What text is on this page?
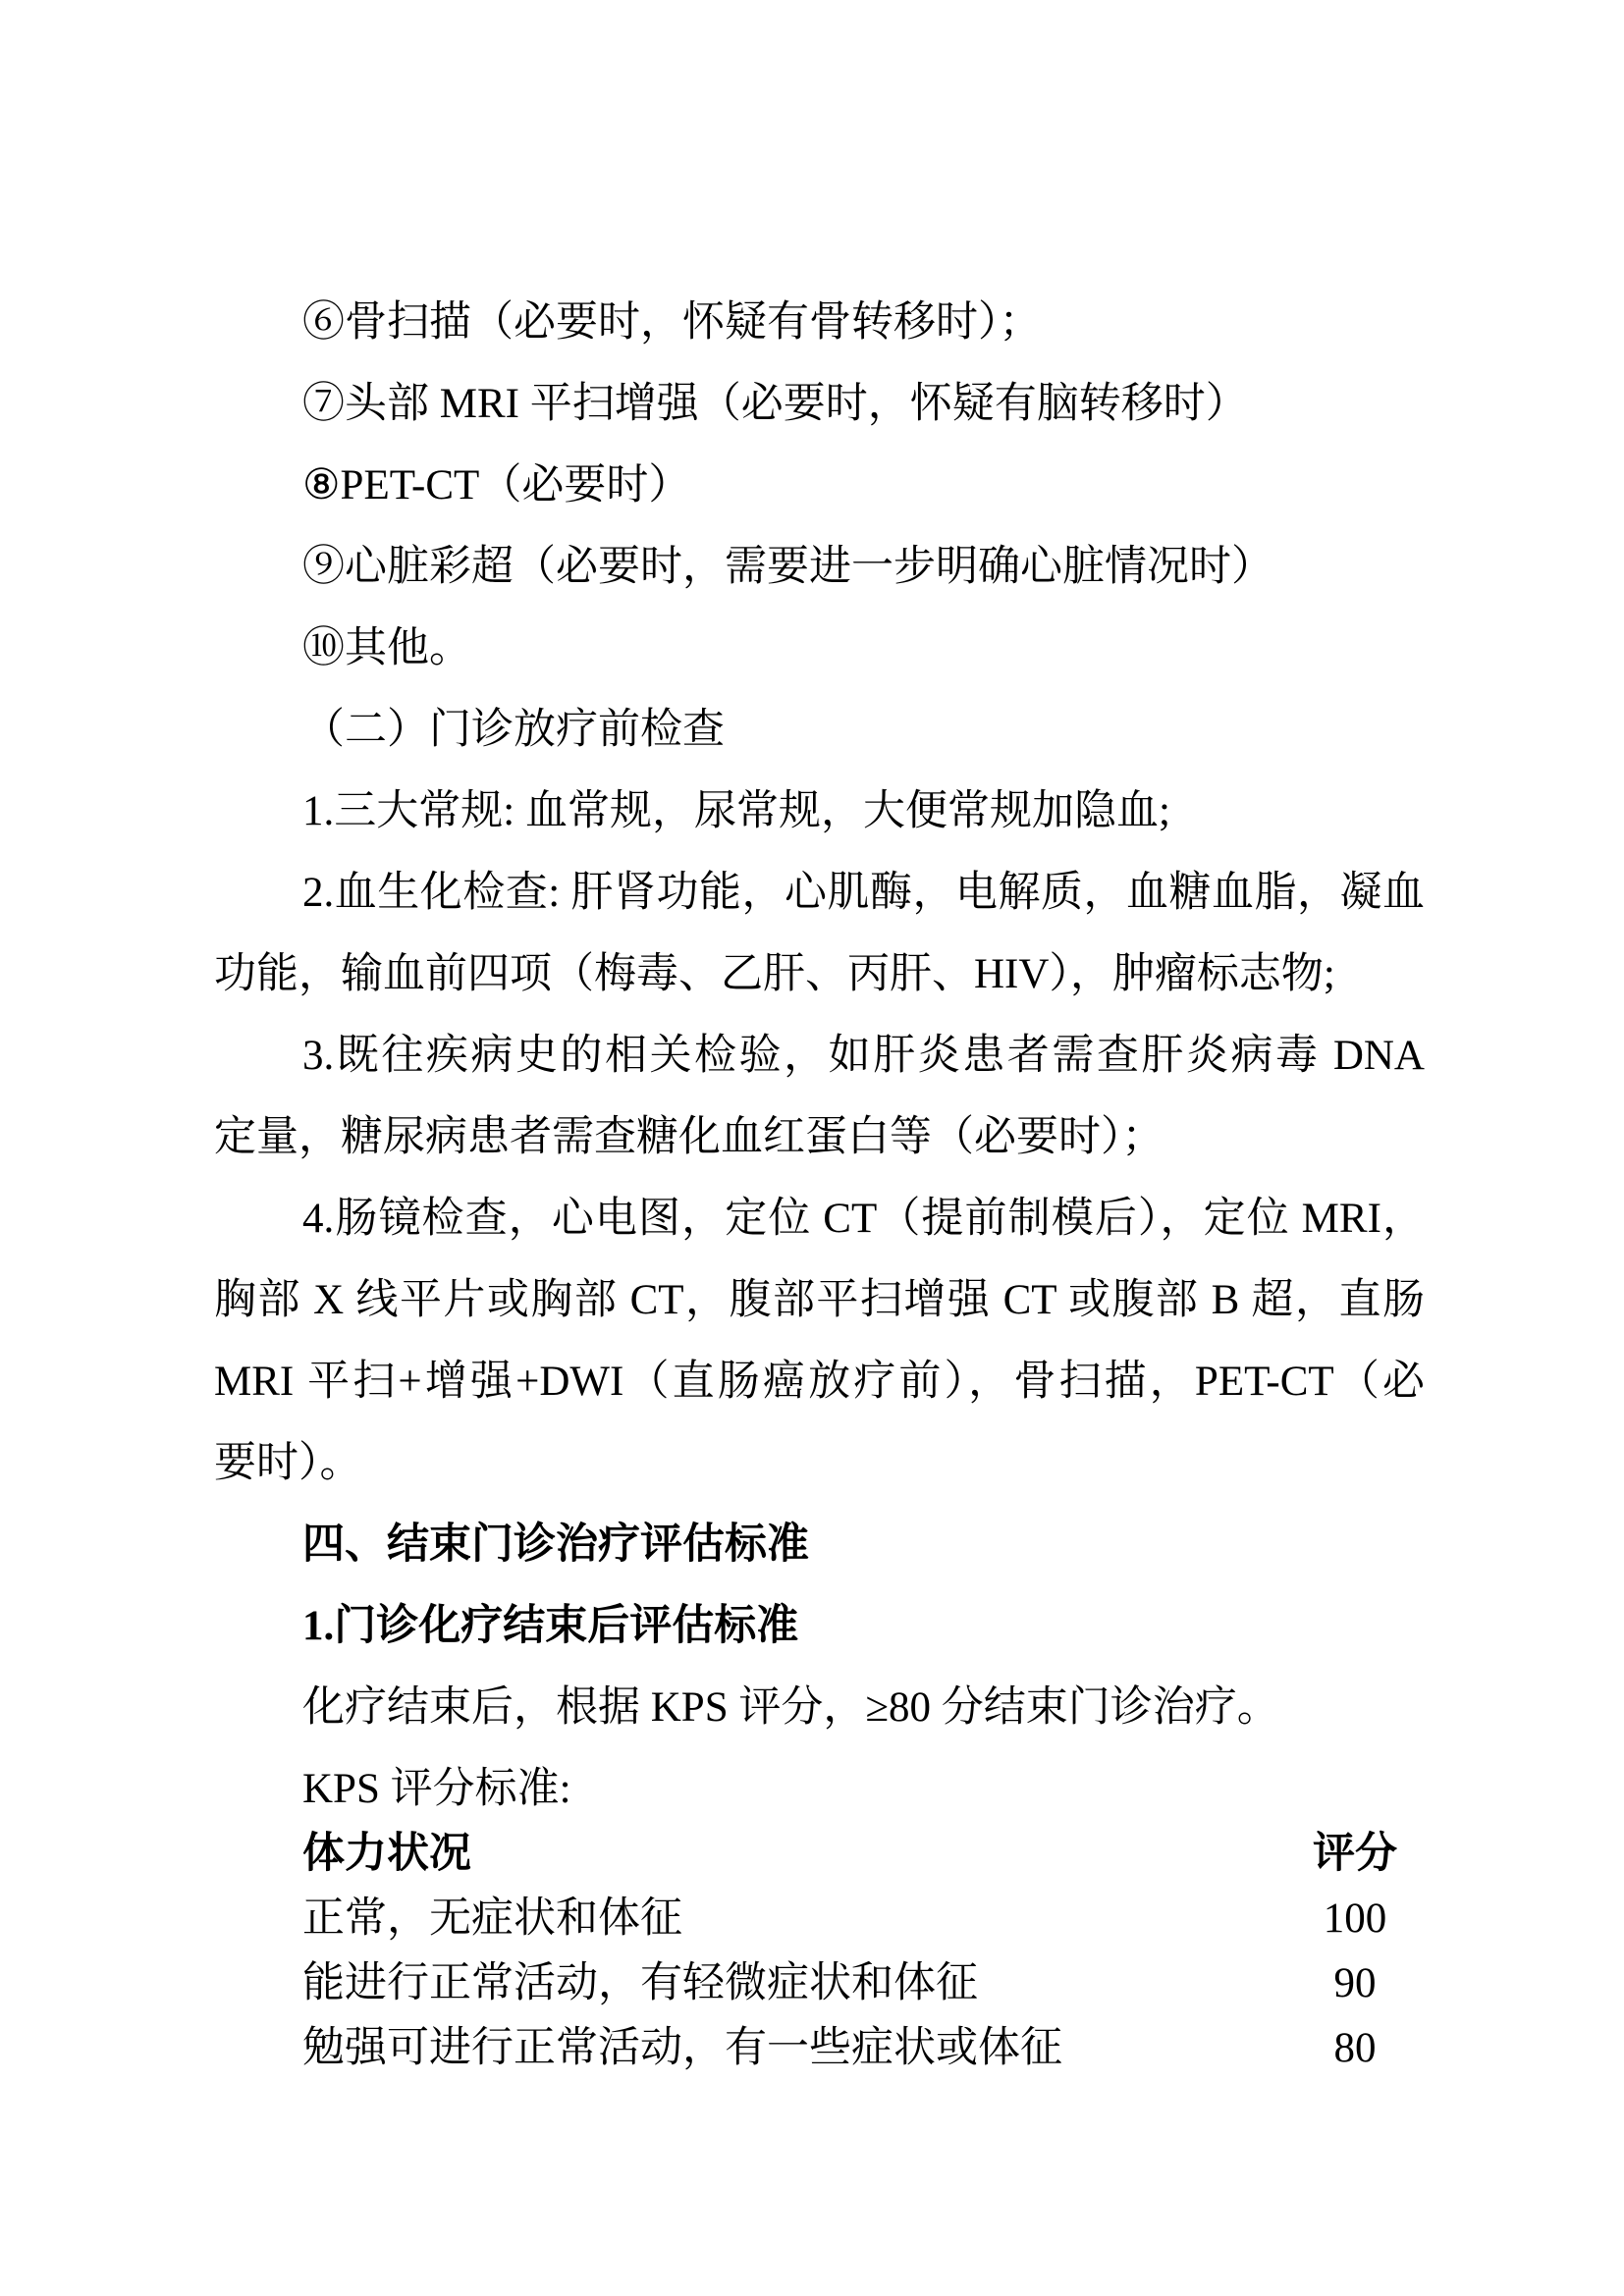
⑥骨扫描（必要时，怀疑有骨转移时）；
⑦头部 MRI 平扫增强（必要时，怀疑有脑转移时）
⑧PET-CT（必要时）
⑨心脏彩超（必要时，需要进一步明确心脏情况时）
⑩其他。
（二）门诊放疗前检查
1.三大常规: 血常规，尿常规，大便常规加隐血;
2.血生化检查: 肝肾功能，心肌酶，电解质，血糖血脂，凝血
功能，输血前四项（梅毒、乙肝、丙肝、HIV），肿瘤标志物;
3.既往疾病史的相关检验，如肝炎患者需查肝炎病毒 DNA
定量，糖尿病患者需查糖化血红蛋白等（必要时）；
4.肠镜检查，心电图，定位 CT（提前制模后），定位 MRI，
胸部 X 线平片或胸部 CT，腹部平扫增强 CT 或腹部 B 超，直肠
MRI 平扫+增强+DWI（直肠癌放疗前），骨扫描，PET-CT（必
要时）。
四、结束门诊治疗评估标准
1.门诊化疗结束后评估标准
化疗结束后，根据 KPS 评分，≥80 分结束门诊治疗。
KPS 评分标准:
体力状况	评分
正常，无症状和体征	100
能进行正常活动，有轻微症状和体征	90
勉强可进行正常活动，有一些症状或体征	80
